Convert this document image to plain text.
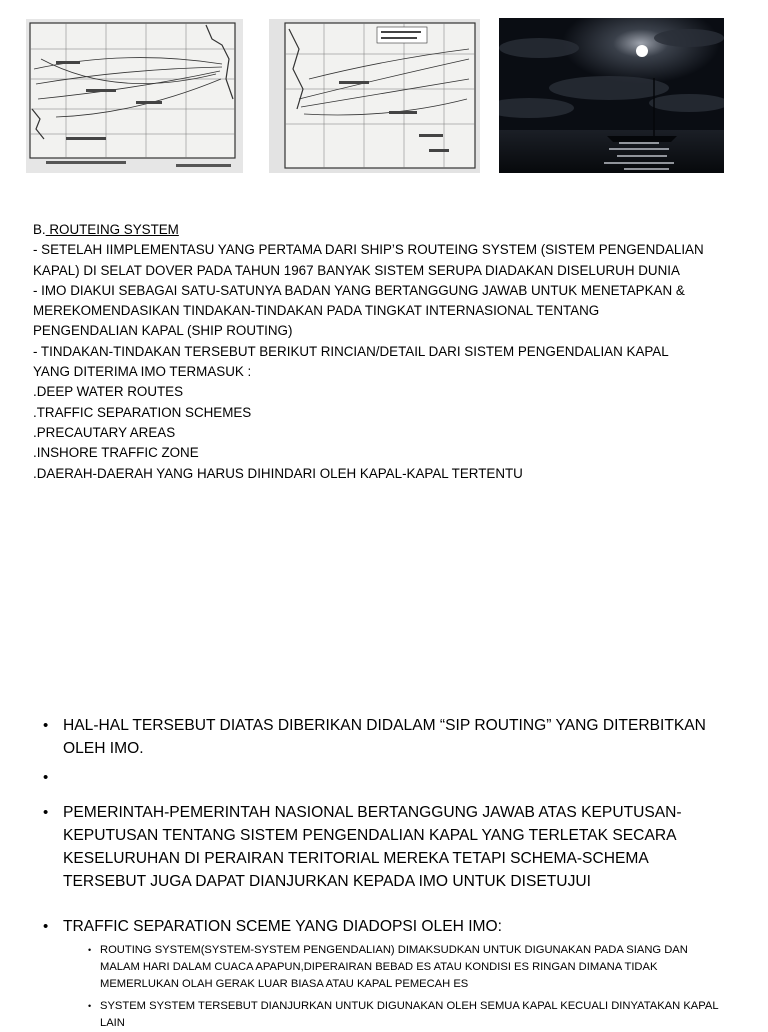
B. ROUTEING SYSTEM
- SETELAH IIMPLEMENTASU YANG PERTAMA DARI SHIP’S ROUTEING SYSTEM (SISTEM PENGENDALIAN
KAPAL) DI SELAT DOVER PADA TAHUN 1967 BANYAK SISTEM SERUPA DIADAKAN DISELURUH DUNIA
- IMO DIAKUI SEBAGAI SATU-SATUNYA BADAN YANG BERTANGGUNG JAWAB UNTUK MENETAPKAN &
MEREKOMENDASIKAN TINDAKAN-TINDAKAN PADA TINGKAT INTERNASIONAL TENTANG
PENGENDALIAN KAPAL (SHIP ROUTING)
- TINDAKAN-TINDAKAN TERSEBUT BERIKUT RINCIAN/DETAIL DARI SISTEM PENGENDALIAN KAPAL
YANG DITERIMA IMO TERMASUK :
.DEEP WATER ROUTES
.TRAFFIC SEPARATION SCHEMES
.PRECAUTARY AREAS
.INSHORE TRAFFIC ZONE
.DAERAH-DAERAH YANG HARUS DIHINDARI OLEH KAPAL-KAPAL TERTENTU
• HAL-HAL TERSEBUT DIATAS DIBERIKAN DIDALAM “SIP ROUTING” YANG DITERBITKAN OLEH IMO.
•
• PEMERINTAH-PEMERINTAH NASIONAL BERTANGGUNG JAWAB ATAS KEPUTUSAN-KEPUTUSAN TENTANG SISTEM PENGENDALIAN KAPAL YANG TERLETAK SECARA KESELURUHAN DI PERAIRAN TERITORIAL MEREKA TETAPI SCHEMA-SCHEMA TERSEBUT JUGA DAPAT DIANJURKAN KEPADA IMO UNTUK DISETUJUI
• TRAFFIC SEPARATION SCEME YANG DIADOPSI OLEH IMO:
• ROUTING SYSTEM(SYSTEM-SYSTEM PENGENDALIAN) DIMAKSUDKAN UNTUK DIGUNAKAN PADA SIANG DAN MALAM HARI DALAM CUACA APAPUN,DIPERAIRAN BEBAD ES ATAU KONDISI ES RINGAN DIMANA TIDAK MEMERLUKAN OLAH GERAK LUAR BIASA ATAU KAPAL PEMECAH ES
• SYSTEM SYSTEM TERSEBUT DIANJURKAN UNTUK DIGUNAKAN OLEH SEMUA KAPAL KECUALI DINYATAKAN KAPAL LAIN
